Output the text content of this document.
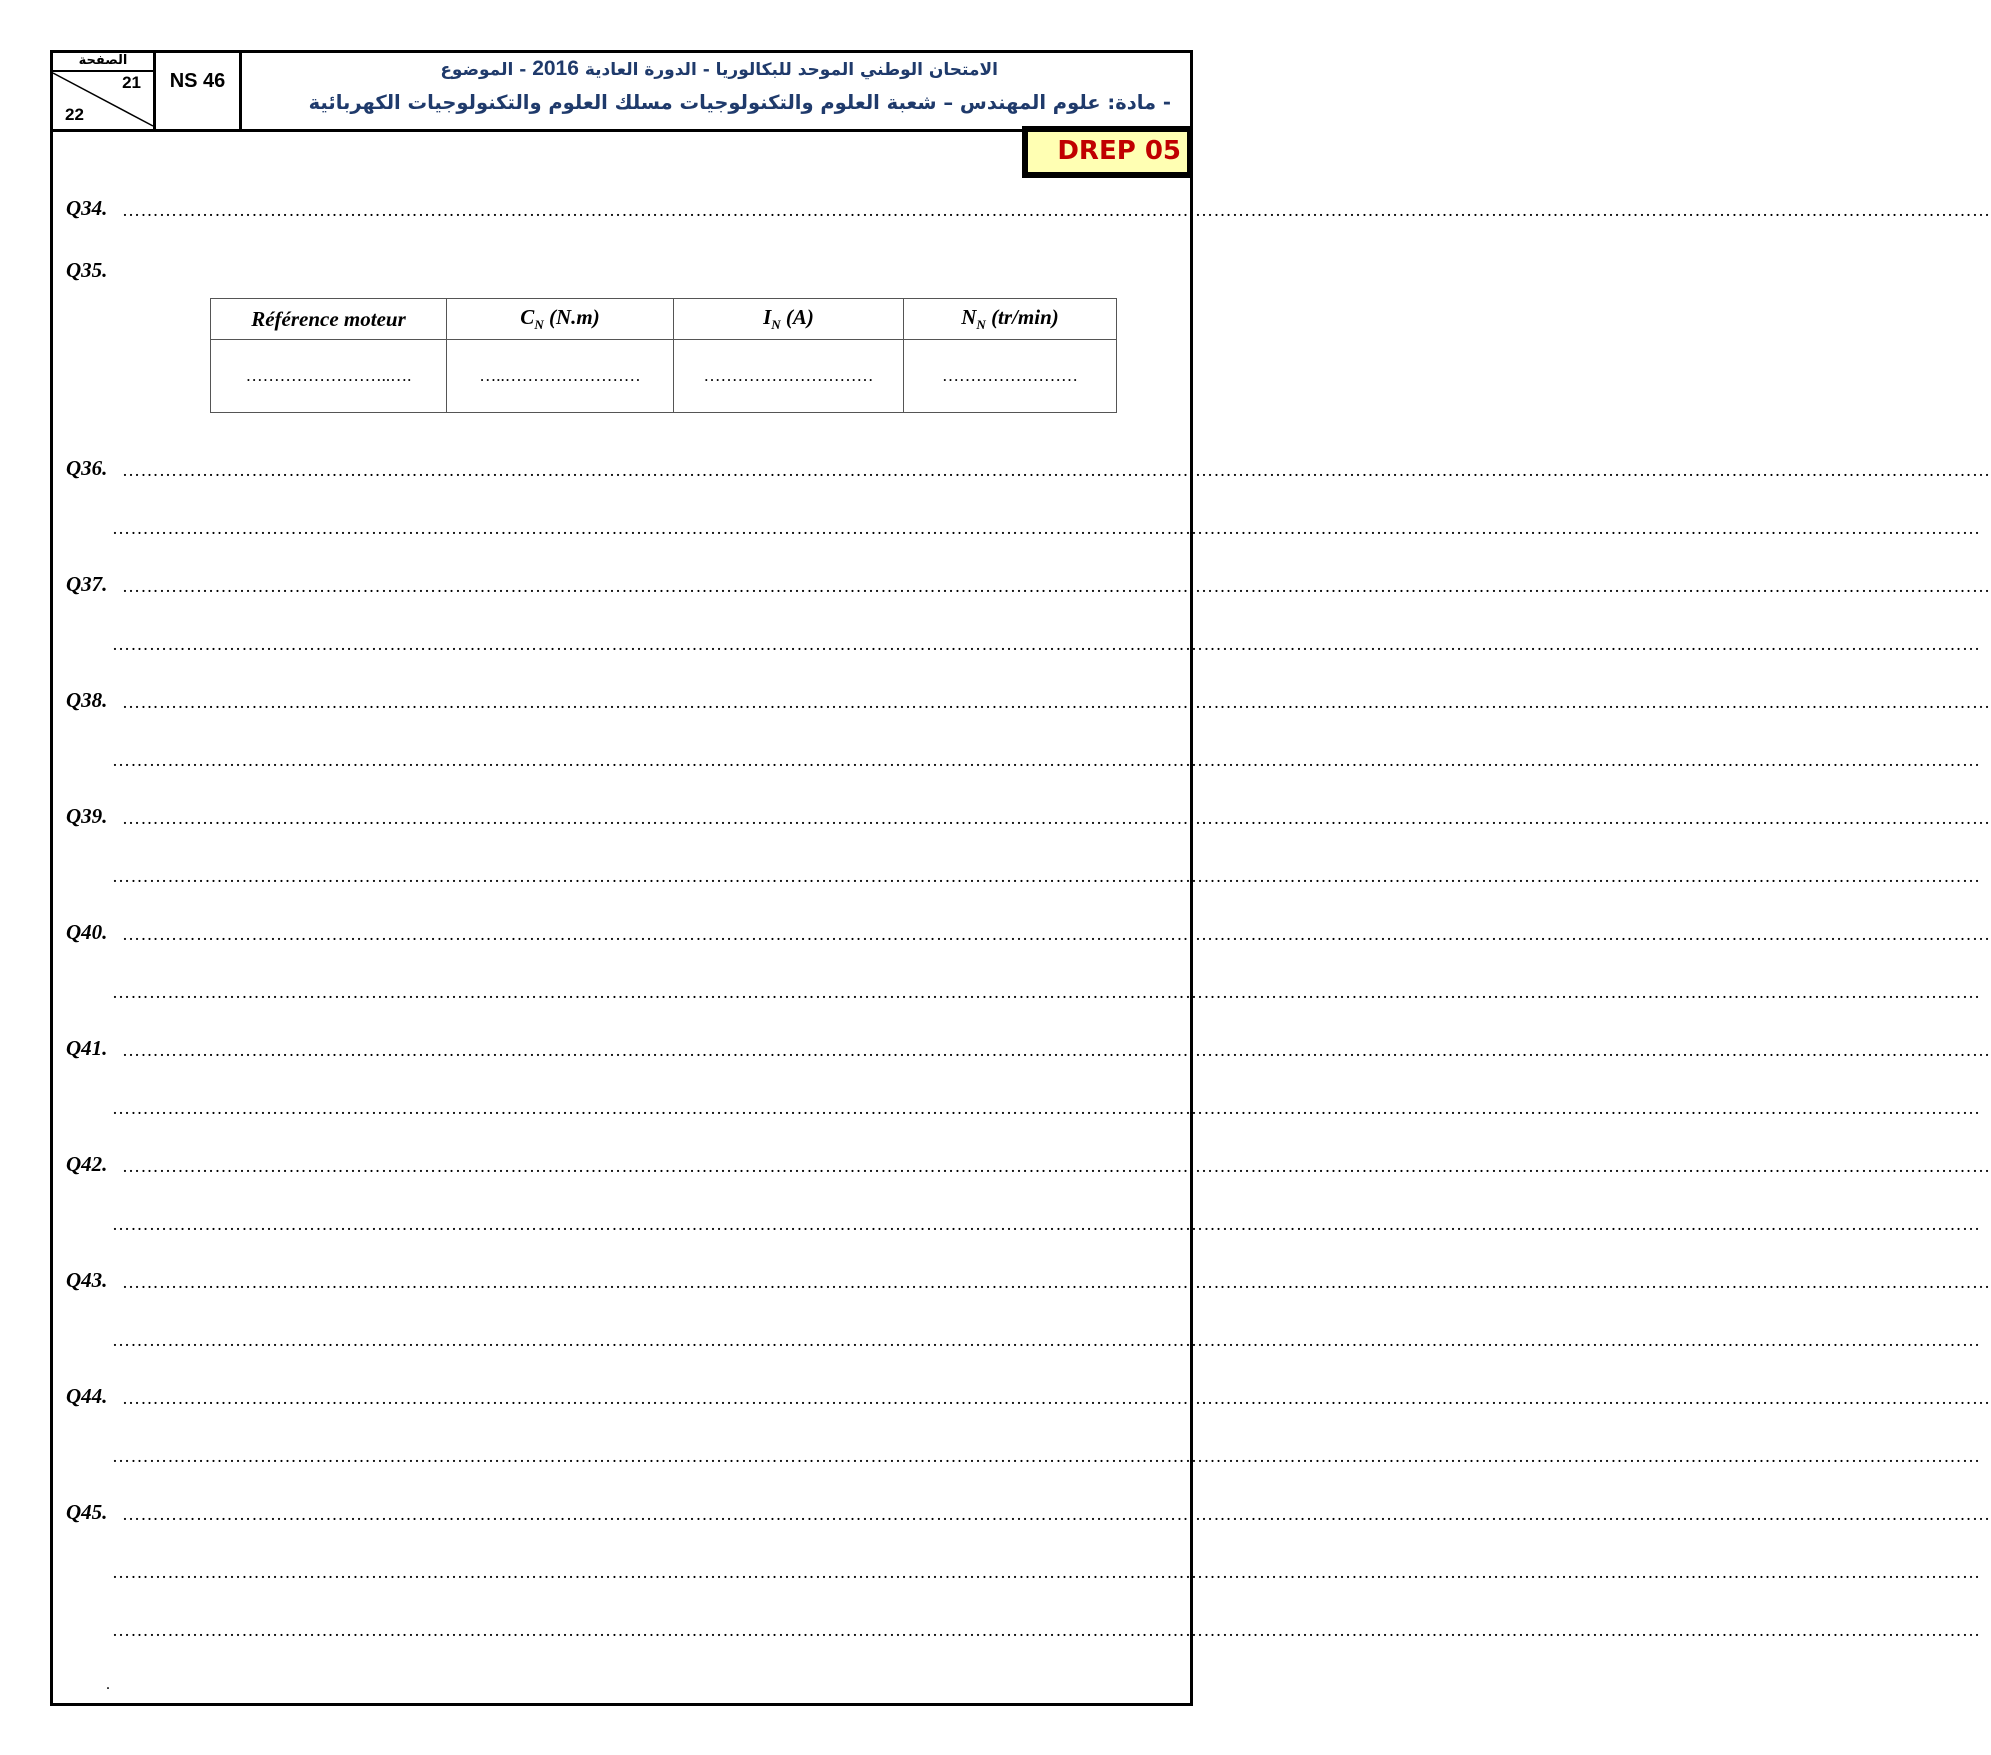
الصفحة
21
22
NS 46	الامتحان الوطني الموحد للبكالوريا - الدورة العادية 2016 - الموضوع
- مادة: علوم المهندس – شعبة العلوم والتكنولوجيات مسلك العلوم والتكنولوجيات الكهربائية
DREP 05
Q34. ……………………………………………………………………………………………………………………………………………………………………………………………………………………………………………………………………………
Q35.
Référence moteur	$C_N$ (N.m)	$I_N$ (A)	$N_N$ (tr/min)
……………………..….	…..……………………	…………………………	……………………
Q36. ……………………………………………………………………………………………………………………………………………………………………………………………………………………………………………………………………………
……………………………………………………………………………………………………………………………………………………………………………………………………………………………………………………………………………
Q37. ……………………………………………………………………………………………………………………………………………………………………………………………………………………………………………………………………………
……………………………………………………………………………………………………………………………………………………………………………………………………………………………………………………………………………
Q38. ……………………………………………………………………………………………………………………………………………………………………………………………………………………………………………………………………………
……………………………………………………………………………………………………………………………………………………………………………………………………………………………………………………………………………
Q39. ……………………………………………………………………………………………………………………………………………………………………………………………………………………………………………………………………………
……………………………………………………………………………………………………………………………………………………………………………………………………………………………………………………………………………
Q40. ……………………………………………………………………………………………………………………………………………………………………………………………………………………………………………………………………………
……………………………………………………………………………………………………………………………………………………………………………………………………………………………………………………………………………
Q41. ……………………………………………………………………………………………………………………………………………………………………………………………………………………………………………………………………………
……………………………………………………………………………………………………………………………………………………………………………………………………………………………………………………………………………
Q42. ……………………………………………………………………………………………………………………………………………………………………………………………………………………………………………………………………………
……………………………………………………………………………………………………………………………………………………………………………………………………………………………………………………………………………
Q43. ……………………………………………………………………………………………………………………………………………………………………………………………………………………………………………………………………………
……………………………………………………………………………………………………………………………………………………………………………………………………………………………………………………………………………
Q44. ……………………………………………………………………………………………………………………………………………………………………………………………………………………………………………………………………………
……………………………………………………………………………………………………………………………………………………………………………………………………………………………………………………………………………
Q45. ……………………………………………………………………………………………………………………………………………………………………………………………………………………………………………………………………………
……………………………………………………………………………………………………………………………………………………………………………………………………………………………………………………………………………
……………………………………………………………………………………………………………………………………………………………………………………………………………………………………………………………………………
.
